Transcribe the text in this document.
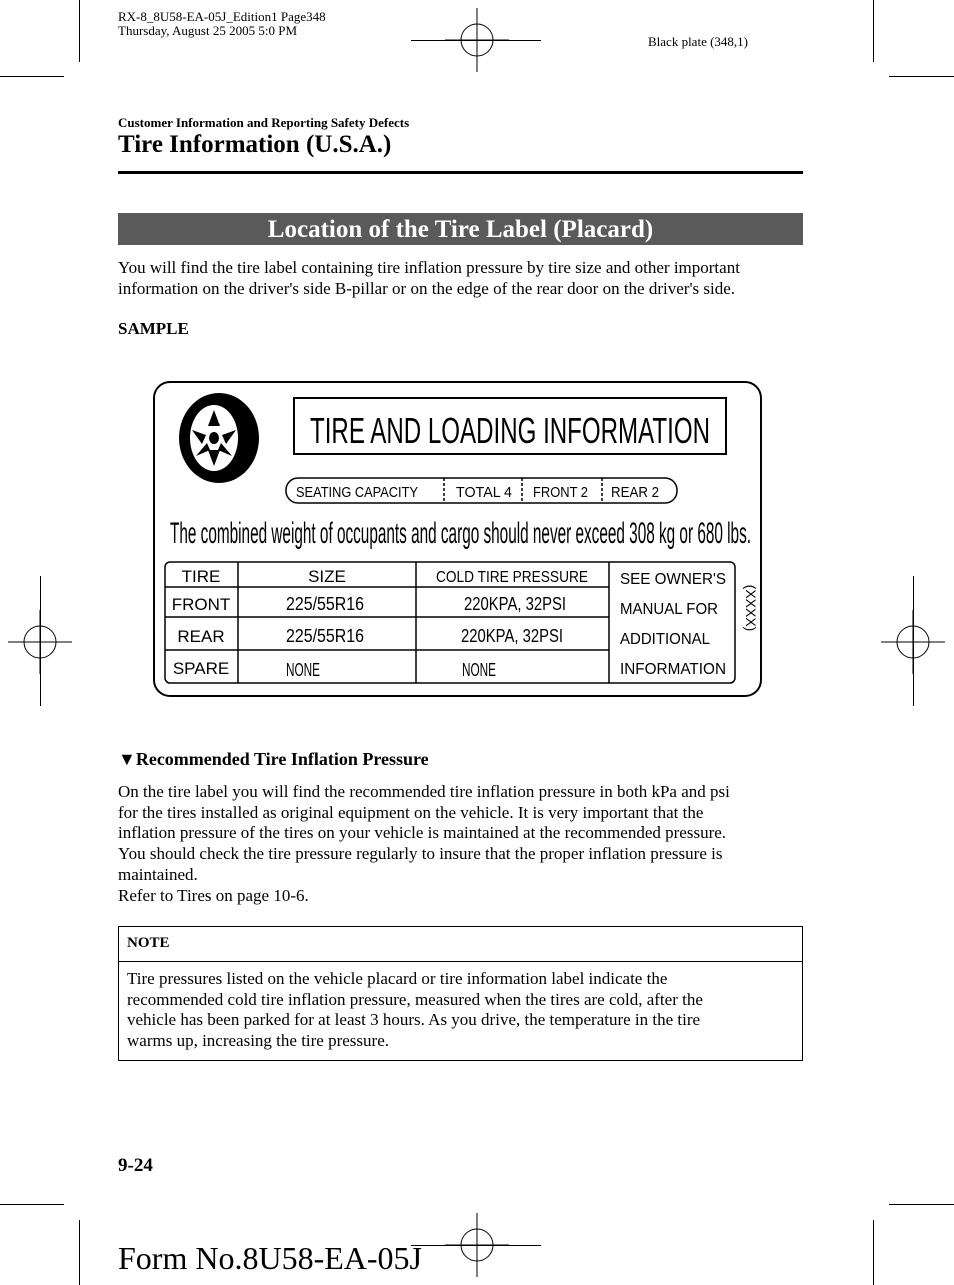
RX-8_8U58-EA-05J_Edition1 Page348
Thursday, August 25 2005 5:0 PM
Black plate (348,1)
Customer Information and Reporting Safety Defects
Tire Information (U.S.A.)
Location of the Tire Label (Placard)
You will find the tire label containing tire inflation pressure by tire size and other important
information on the driver's side B-pillar or on the edge of the rear door on the driver's side.
SAMPLE
TIRE AND LOADING INFORMATION
SEATING CAPACITY	TOTAL 4 FRONT 2 REAR 2
The combined weight of occupants and cargo should never exceed 308 kg or 680 lbs.
TIRE	SIZE	COLD TIRE PRESSURE
FRONT	225/55R16	220KPA, 32PSI
REAR	225/55R16	220KPA, 32PSI
SPARE	NONE	NONE
SEE OWNER'S
MANUAL FOR
ADDITIONAL
INFORMATION
(XXXX)
▼Recommended Tire Inflation Pressure
On the tire label you will find the recommended tire inflation pressure in both kPa and psi
for the tires installed as original equipment on the vehicle. It is very important that the
inflation pressure of the tires on your vehicle is maintained at the recommended pressure.
You should check the tire pressure regularly to insure that the proper inflation pressure is
maintained.
Refer to Tires on page 10-6.
NOTE
Tire pressures listed on the vehicle placard or tire information label indicate the
recommended cold tire inflation pressure, measured when the tires are cold, after the
vehicle has been parked for at least 3 hours. As you drive, the temperature in the tire
warms up, increasing the tire pressure.
9-24
Form No.8U58-EA-05J
